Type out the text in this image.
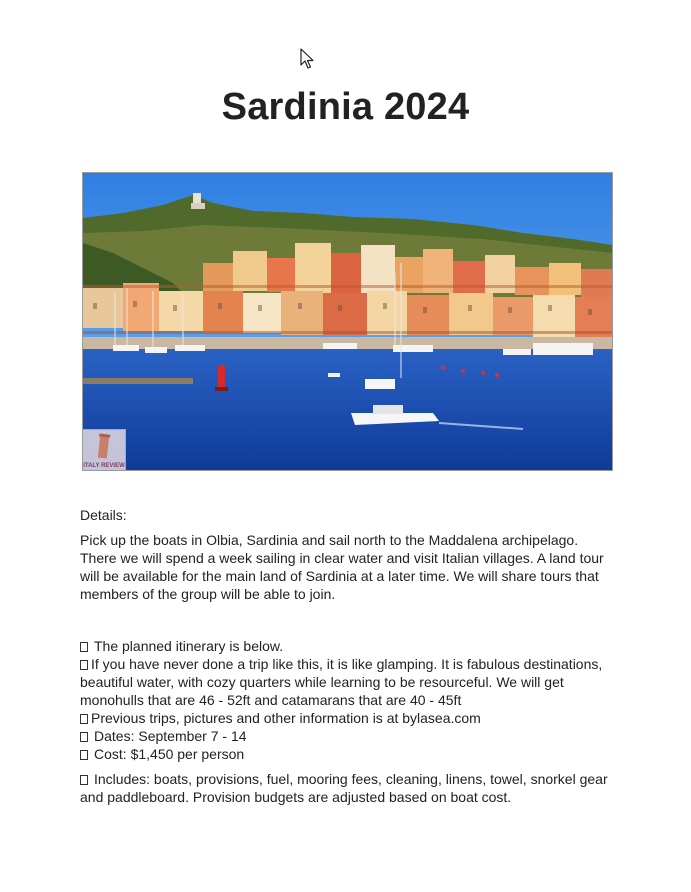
Sardinia 2024
ITALY REVIEW

Details:

Pick up the boats in Olbia, Sardinia and sail north to the Maddalena archipelago. There we will spend a week sailing in clear water and visit Italian villages. A land tour will be available for the main land of Sardinia at a later time. We will share tours that members of the group will be able to join.

The planned itinerary is below.
If you have never done a trip like this, it is like glamping. It is fabulous destinations, beautiful water, with cozy quarters while learning to be resourceful. We will get monohulls that are 46 - 52ft and catamarans that are 40 - 45ft
Previous trips, pictures and other information is at bylasea.com
Dates: September 7 - 14
Cost: $1,450 per person
Includes: boats, provisions, fuel, mooring fees, cleaning, linens, towel, snorkel gear and paddleboard. Provision budgets are adjusted based on boat cost.
